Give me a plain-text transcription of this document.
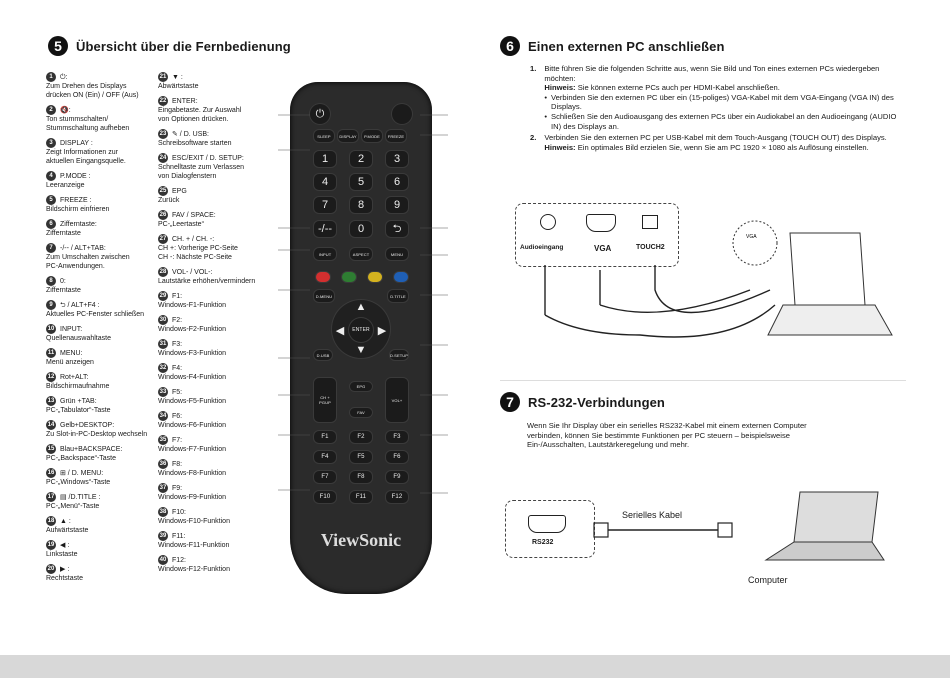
5	Übersicht über die Fernbedienung
1	⏻:
Zum Drehen des Displays
drücken ON (Ein) / OFF (Aus)
2	🔇:
Ton stummschalten/
Stummschaltung aufheben
3	DISPLAY :
Zeigt Informationen zur
aktuellen Eingangsquelle.
4	P.MODE :
Leeranzeige
5	FREEZE :
Bildschirm einfrieren
6	Zifferntaste:
Zifferntaste
7	-/-- / ALT+TAB:
Zum Umschalten zwischen
PC-Anwendungen.
8	0:
Zifferntaste
9	⮌ / ALT+F4 :
Aktuelles PC-Fenster schließen
10 INPUT:
Quellenauswahltaste
11 MENU:
Menü anzeigen
12 Rot+ALT:
Bildschirmaufnahme
13 Grün +TAB:
PC-„Tabulator“-Taste
14 Gelb+DESKTOP:
Zu Slot-in-PC-Desktop wechseln
15 Blau+BACKSPACE:
PC-„Backspace“-Taste
16 ⊞ / D. MENU:
PC-„Windows“-Taste
17 ▤ /D.TITLE :
PC-„Menü“-Taste
18 ▲ :
Aufwärtstaste
19 ◀ :
Linkstaste
20 ▶ :
Rechtstaste
21 ▼ :
Abwärtstaste
22 ENTER:
Eingabetaste. Zur Auswahl
von Optionen drücken.
23 ✎ / D. USB:
Schreibsoftware starten
24 ESC/EXIT / D. SETUP:
Schnelltaste zum Verlassen
von Dialogfenstern
25 EPG
Zurück
26 FAV / SPACE:
PC-„Leertaste“
27 CH. + / CH. -:
CH +: Vorherige PC-Seite
CH -: Nächste PC-Seite
28 VOL- / VOL-:
Lautstärke erhöhen/vermindern
29 F1:
Windows-F1-Funktion
30 F2:
Windows-F2-Funktion
31 F3:
Windows-F3-Funktion
32 F4:
Windows-F4-Funktion
33 F5:
Windows-F5-Funktion
34 F6:
Windows-F6-Funktion
35 F7:
Windows-F7-Funktion
36 F8:
Windows-F8-Funktion
37 F9:
Windows-F9-Funktion
38 F10:
Windows-F10-Funktion
39 F11:
Windows-F11-Funktion
40 F12:
Windows-F12-Funktion
⏻
SLEEP	DISPLAY	P.MODE	FREEZE
1	2	3
4	5	6
7	8	9
-/--	0	⮌
INPUT	ASPECT	MENU
D.MENU	D.TITLE
▲
▼
◀	▶
ENTER
D.USB	D.SETUP
CH +
PGUP	VOL+
EPG
FAV
F1	F2	F3
F4	F5	F6
F7	F8	F9
F10	F11	F12
ViewSonic
6	Einen externen PC anschließen
1. Bitte führen Sie die folgenden Schritte aus, wenn Sie Bild und Ton eines externen PCs wiedergeben möchten:
Hinweis: Sie können externe PCs auch per HDMI-Kabel anschließen.
• Verbinden Sie den externen PC über ein (15-poliges) VGA-Kabel mit dem VGA-Eingang (VGA IN) des Displays.
• Schließen Sie den Audioausgang des externen PCs über ein Audiokabel an den Audioeingang (AUDIO IN) des Displays an.
2. Verbinden Sie den externen PC per USB-Kabel mit dem Touch-Ausgang (TOUCH OUT) des Displays.
Hinweis: Ein optimales Bild erzielen Sie, wenn Sie am PC 1920 × 1080 als Auflösung einstellen.
Audioeingang	VGA	TOUCH2
VGA
7	RS-232-Verbindungen
Wenn Sie Ihr Display über ein serielles RS232-Kabel mit einem externen Computer verbinden, können Sie bestimmte Funktionen per PC steuern – beispielsweise Ein-/Ausschalten, Lautstärkeregelung und mehr.
RS232
Serielles Kabel
Computer
